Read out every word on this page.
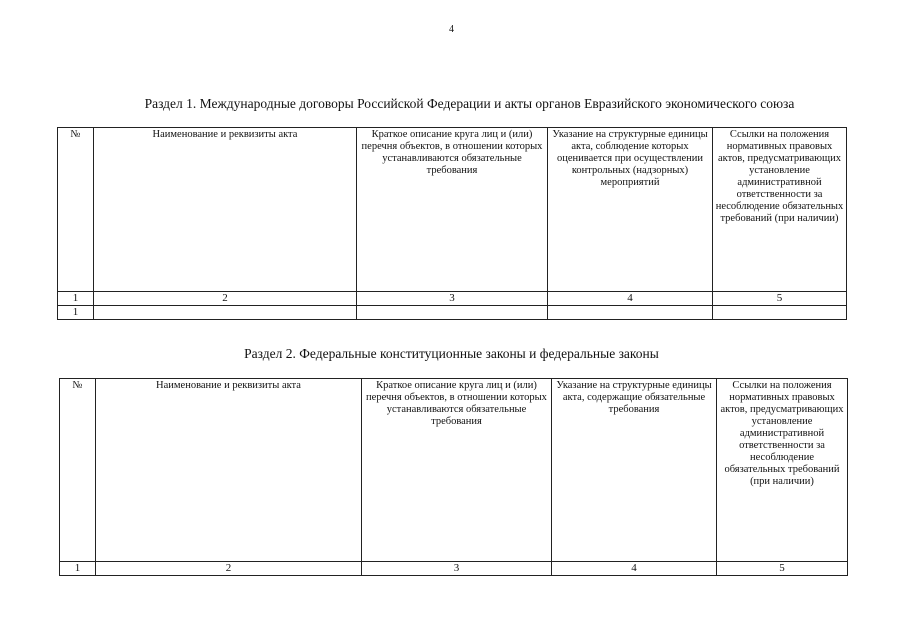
4
Раздел 1. Международные договоры Российской Федерации и акты органов Евразийского экономического союза
№	Наименование и реквизиты акта	Краткое описание круга лиц и (или) перечня объектов, в отношении которых устанавливаются обязательные требования	Указание на структурные единицы акта, соблюдение которых оценивается при осуществлении контрольных (надзорных) мероприятий	Ссылки на положения нормативных правовых актов, предусматривающих установление административной ответственности за несоблюдение обязательных требований (при наличии)
1	2	3	4	5
1				
Раздел 2. Федеральные конституционные законы и федеральные законы
№	Наименование и реквизиты акта	Краткое описание круга лиц и (или) перечня объектов, в отношении которых устанавливаются обязательные требования	Указание на структурные единицы акта, содержащие обязательные требования	Ссылки на положения нормативных правовых актов, предусматривающих установление административной ответственности за несоблюдение обязательных требований (при наличии)
1	2	3	4	5
